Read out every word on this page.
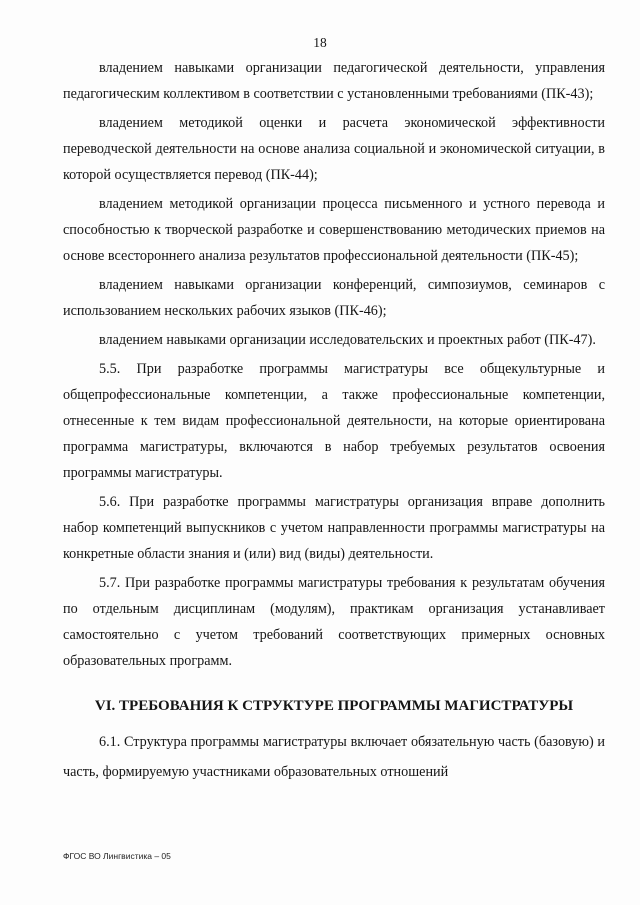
18

владением навыками организации педагогической деятельности, управления педагогическим коллективом в соответствии с установленными требованиями (ПК-43);

владением методикой оценки и расчета экономической эффективности переводческой деятельности на основе анализа социальной и экономической ситуации, в которой осуществляется перевод (ПК-44);

владением методикой организации процесса письменного и устного перевода и способностью к творческой разработке и совершенствованию методических приемов на основе всестороннего анализа результатов профессиональной деятельности (ПК-45);

владением навыками организации конференций, симпозиумов, семинаров с использованием нескольких рабочих языков (ПК-46);

владением навыками организации исследовательских и проектных работ (ПК-47).

5.5. При разработке программы магистратуры все общекультурные и общепрофессиональные компетенции, а также профессиональные компетенции, отнесенные к тем видам профессиональной деятельности, на которые ориентирована программа магистратуры, включаются в набор требуемых результатов освоения программы магистратуры.

5.6. При разработке программы магистратуры организация вправе дополнить набор компетенций выпускников с учетом направленности программы магистратуры на конкретные области знания и (или) вид (виды) деятельности.

5.7. При разработке программы магистратуры требования к результатам обучения по отдельным дисциплинам (модулям), практикам организация устанавливает самостоятельно с учетом требований соответствующих примерных основных образовательных программ.

VI. ТРЕБОВАНИЯ К СТРУКТУРЕ ПРОГРАММЫ МАГИСТРАТУРЫ

6.1. Структура программы магистратуры включает обязательную часть (базовую) и часть, формируемую участниками образовательных отношений

ФГОС ВО Лингвистика – 05
